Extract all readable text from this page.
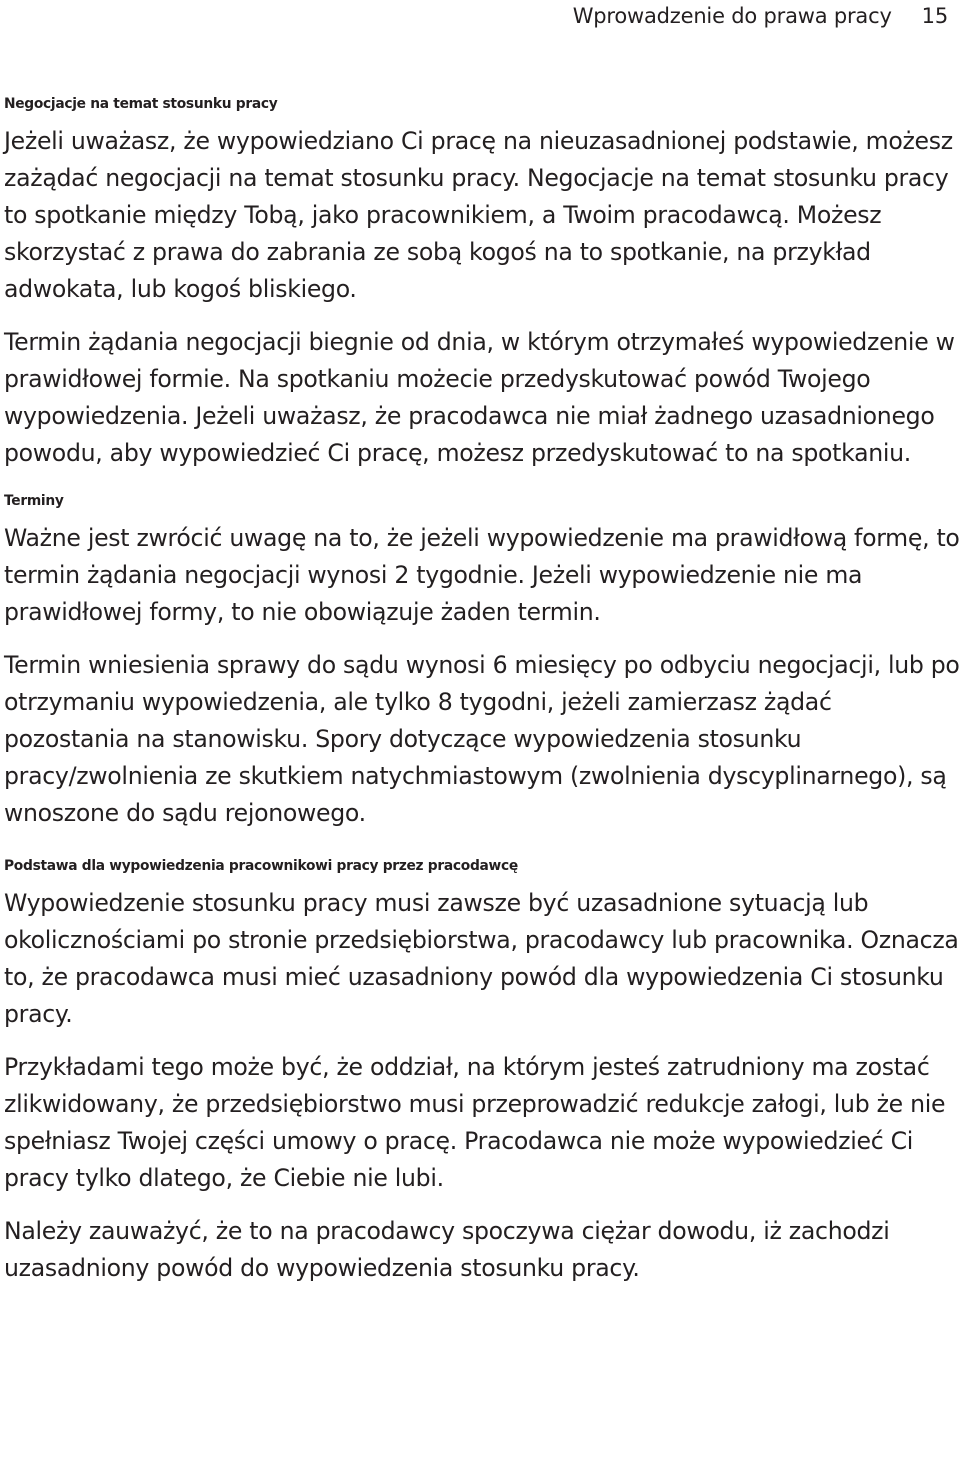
Wprowadzenie do prawa pracy 15
Negocjacje na temat stosunku pracy

Jeżeli uważasz, że wypowiedziano Ci pracę na nieuzasadnionej podstawie, możesz zażądać negocjacji na temat stosunku pracy. Negocjacje na temat stosunku pracy to spotkanie między Tobą, jako pracownikiem, a Twoim pracodawcą. Możesz skorzystać z prawa do zabrania ze sobą kogoś na to spotkanie, na przykład adwokata, lub kogoś bliskiego.

Termin żądania negocjacji biegnie od dnia, w którym otrzymałeś wypowiedzenie w prawidłowej formie. Na spotkaniu możecie przedyskutować powód Twojego wypowiedzenia. Jeżeli uważasz, że pracodawca nie miał żadnego uzasadnionego powodu, aby wypowiedzieć Ci pracę, możesz przedyskutować to na spotkaniu.

Terminy

Ważne jest zwrócić uwagę na to, że jeżeli wypowiedzenie ma prawidłową formę, to termin żądania negocjacji wynosi 2 tygodnie. Jeżeli wypowiedzenie nie ma prawidłowej formy, to nie obowiązuje żaden termin.

Termin wniesienia sprawy do sądu wynosi 6 miesięcy po odbyciu negocjacji, lub po otrzymaniu wypowiedzenia, ale tylko 8 tygodni, jeżeli zamierzasz żądać pozostania na stanowisku. Spory dotyczące wypowiedzenia stosunku pracy/zwolnienia ze skutkiem natychmiastowym (zwolnienia dyscyplinarnego), są wnoszone do sądu rejonowego.

Podstawa dla wypowiedzenia pracownikowi pracy przez pracodawcę

Wypowiedzenie stosunku pracy musi zawsze być uzasadnione sytuacją lub okolicznościami po stronie przedsiębiorstwa, pracodawcy lub pracownika. Oznacza to, że pracodawca musi mieć uzasadniony powód dla wypowiedzenia Ci stosunku pracy.

Przykładami tego może być, że oddział, na którym jesteś zatrudniony ma zostać zlikwidowany, że przedsiębiorstwo musi przeprowadzić redukcje załogi, lub że nie spełniasz Twojej części umowy o pracę. Pracodawca nie może wypowiedzieć Ci pracy tylko dlatego, że Ciebie nie lubi.

Należy zauważyć, że to na pracodawcy spoczywa ciężar dowodu, iż zachodzi uzasadniony powód do wypowiedzenia stosunku pracy.
